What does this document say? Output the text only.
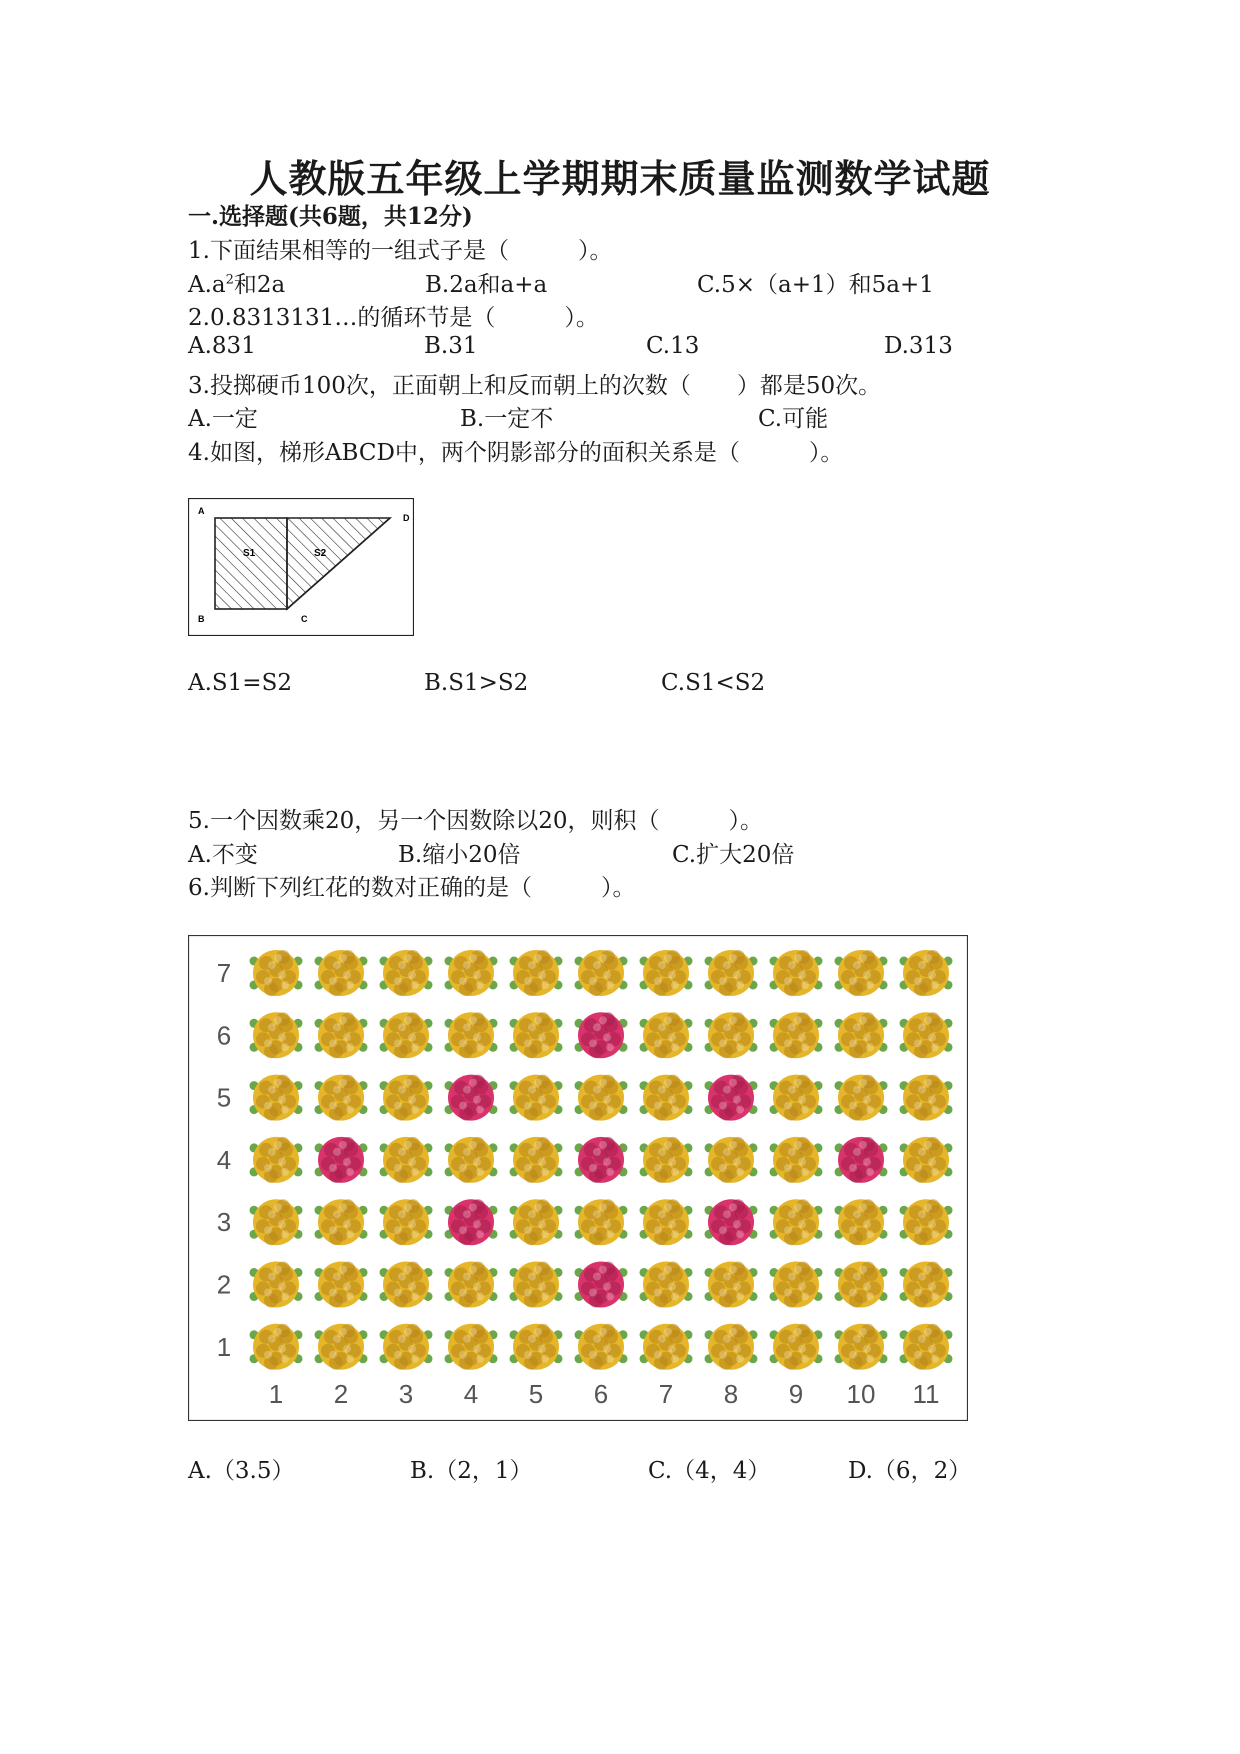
人教版五年级上学期期末质量监测数学试题
一.选择题(共6题，共12分)
1.下面结果相等的一组式子是（　　　）。
$A.a^2$和2a	B.2a和a+a	C.5×（a+1）和5a+1
2.0.8313131…的循环节是（　　　）。
A.831	B.31	C.13	D.313
3.投掷硬币100次，正面朝上和反而朝上的次数（　　）都是50次。
A.一定	B.一定不	C.可能
4.如图，梯形ABCD中，两个阴影部分的面积关系是（　　　）。
A
D
B	C
S1	S2
A.S1=S2	B.S1>S2	C.S1<S2
5.一个因数乘20，另一个因数除以20，则积（　　　）。
A.不变	B.缩小20倍	C.扩大20倍
6.判断下列红花的数对正确的是（　　　）。
1
2
3
4
5
6
7
1 2 3 4 5 6 7 8 9 10 11
A.（3.5）	B.（2，1）	C.（4，4）	D.（6，2）
